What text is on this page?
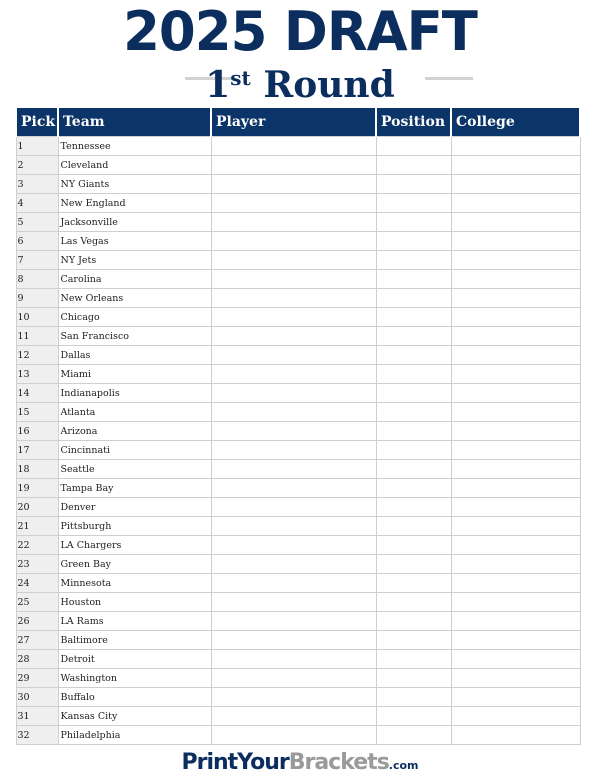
2025 DRAFT
1st Round
Pick	Team	Player	Position	College
1	Tennessee			
2	Cleveland			
3	NY Giants			
4	New England			
5	Jacksonville			
6	Las Vegas			
7	NY Jets			
8	Carolina			
9	New Orleans			
10	Chicago			
11	San Francisco			
12	Dallas			
13	Miami			
14	Indianapolis			
15	Atlanta			
16	Arizona			
17	Cincinnati			
18	Seattle			
19	Tampa Bay			
20	Denver			
21	Pittsburgh			
22	LA Chargers			
23	Green Bay			
24	Minnesota			
25	Houston			
26	LA Rams			
27	Baltimore			
28	Detroit			
29	Washington			
30	Buffalo			
31	Kansas City			
32	Philadelphia			
PrintYourBrackets.com
